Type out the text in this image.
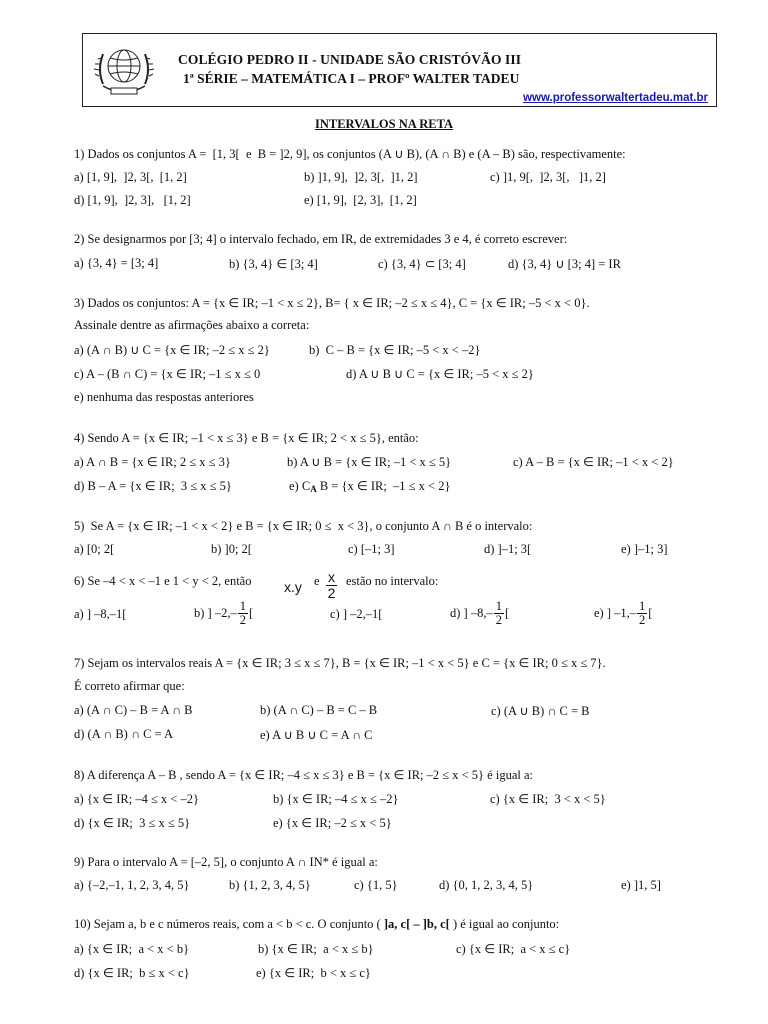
COLÉGIO PEDRO II - UNIDADE SÃO CRISTÓVÃO III
1ª SÉRIE – MATEMÁTICA I – PROFº WALTER TADEU
www.professorwaltertadeu.mat.br
INTERVALOS NA RETA
1) Dados os conjuntos A =  [1, 3[  e  B = ]2, 9], os conjuntos (A ∪ B), (A ∩ B) e (A – B) são, respectivamente:
a) [1, 9],  ]2, 3[,  [1, 2]	b) ]1, 9],  ]2, 3[,  ]1, 2]	c) ]1, 9[,  ]2, 3[,   ]1, 2]
d) [1, 9],  ]2, 3],   [1, 2]	e) [1, 9],  [2, 3],  [1, 2]
2) Se designarmos por [3; 4] o intervalo fechado, em IR, de extremidades 3 e 4, é correto escrever:
a) {3, 4} = [3; 4]	b) {3, 4} ∈ [3; 4]	c) {3, 4} ⊂ [3; 4]	d) {3, 4} ∪ [3; 4] = IR
3) Dados os conjuntos: A = {x ∈ IR; –1 < x ≤ 2}, B= { x ∈ IR; –2 ≤ x ≤ 4}, C = {x ∈ IR; –5 < x < 0}.
Assinale dentre as afirmações abaixo a correta:
a) (A ∩ B) ∪ C = {x ∈ IR; –2 ≤ x ≤ 2}	b)  C – B = {x ∈ IR; –5 < x < –2}
c) A – (B ∩ C) = {x ∈ IR; –1 ≤ x ≤ 0	d) A ∪ B ∪ C = {x ∈ IR; –5 < x ≤ 2}
e) nenhuma das respostas anteriores
4) Sendo A = {x ∈ IR; –1 < x ≤ 3} e B = {x ∈ IR; 2 < x ≤ 5}, então:
a) A ∩ B = {x ∈ IR; 2 ≤ x ≤ 3}	b) A ∪ B = {x ∈ IR; –1 < x ≤ 5}	c) A – B = {x ∈ IR; –1 < x < 2}
d) B – A = {x ∈ IR;  3 ≤ x ≤ 5}	e) $C_A$ B = {x ∈ IR;  –1 ≤ x < 2}
5)  Se A = {x ∈ IR; –1 < x < 2} e B = {x ∈ IR; 0 ≤  x < 3}, o conjunto A ∩ B é o intervalo:
a) [0; 2[	b) ]0; 2[	c) [–1; 3]	d) ]–1; 3[	e) ]–1; 3]
6) Se –4 < x < –1 e 1 < y < 2, então x.y e $\frac{x}{2}$ estão no intervalo:
a) ] –8,–1[	b) ] $-2,- \frac{1}{2}$ [	c) ] –2,–1[	d) ] $-8,- \frac{1}{2}$ [	e) ] $-1,- \frac{1}{2}$ [
7) Sejam os intervalos reais A = {x ∈ IR; 3 ≤ x ≤ 7}, B = {x ∈ IR; –1 < x < 5} e C = {x ∈ IR; 0 ≤ x ≤ 7}.
É correto afirmar que:
a) (A ∩ C) – B = A ∩ B	b) (A ∩ C) – B = C – B	c) (A ∪ B) ∩ C = B
d) (A ∩ B) ∩ C = A	e) A ∪ B ∪ C = A ∩ C
8) A diferença A – B , sendo A = {x ∈ IR; –4 ≤ x ≤ 3} e B = {x ∈ IR; –2 ≤ x < 5} é igual a:
a) {x ∈ IR; –4 ≤ x < –2}	b) {x ∈ IR; –4 ≤ x ≤ –2}	c) {x ∈ IR;  3 < x < 5}
d) {x ∈ IR;  3 ≤ x ≤ 5}	e) {x ∈ IR; –2 ≤ x < 5}
9) Para o intervalo A = [–2, 5], o conjunto A ∩ IN* é igual a:
a) {–2,–1, 1, 2, 3, 4, 5}	b) {1, 2, 3, 4, 5}	c) {1, 5}	d) {0, 1, 2, 3, 4, 5}	e) ]1, 5]
10) Sejam a, b e c números reais, com a < b < c. O conjunto ( ]a, c[ – ]b, c[ ) é igual ao conjunto:
a) {x ∈ IR;  a < x < b}	b) {x ∈ IR;  a < x ≤ b}	c) {x ∈ IR;  a < x ≤ c}
d) {x ∈ IR;  b ≤ x < c}	e) {x ∈ IR;  b < x ≤ c}
